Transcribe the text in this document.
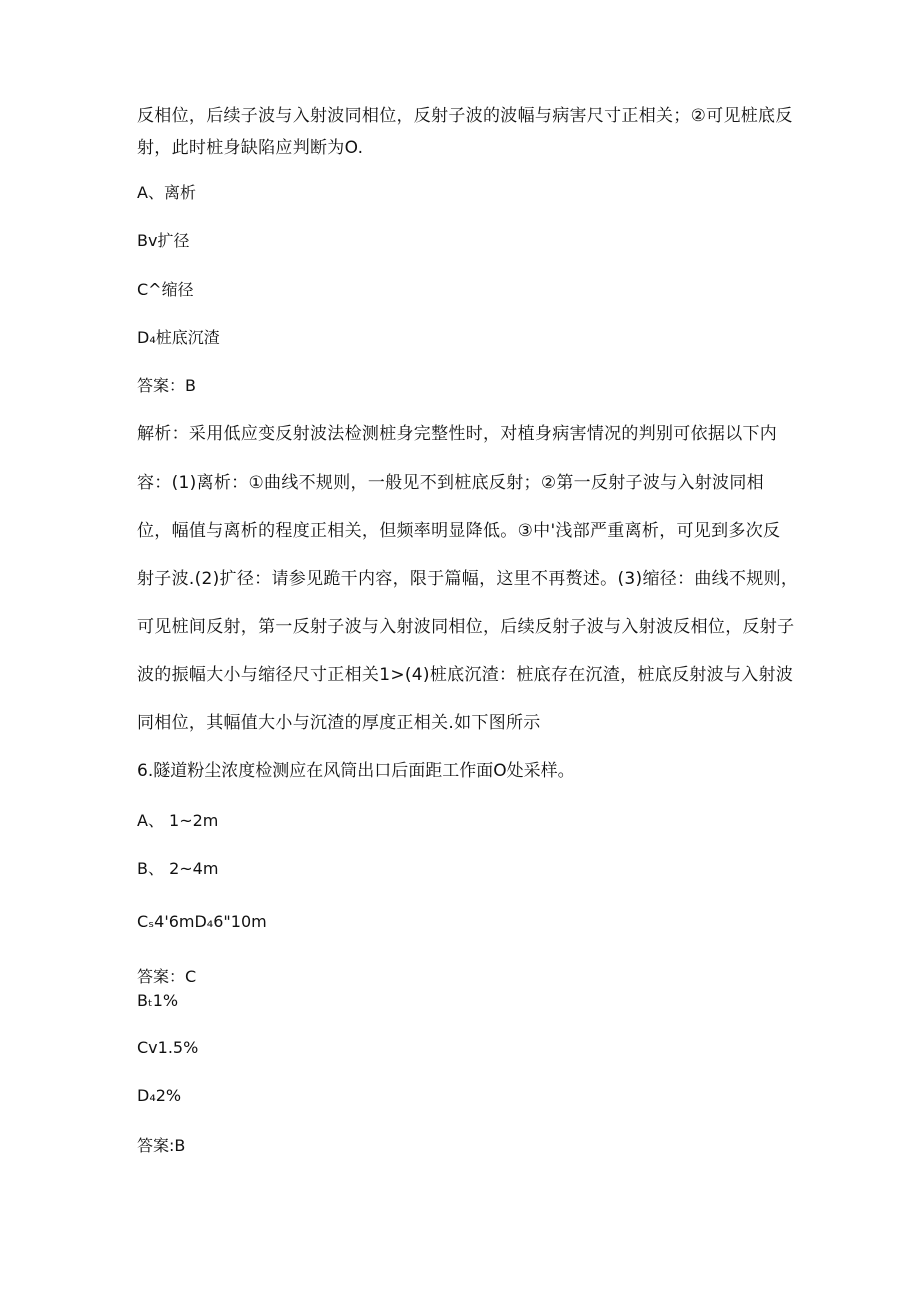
反相位，后续子波与入射波同相位，反射子波的波幅与病害尺寸正相关；②可见桩底反
射，此时桩身缺陷应判断为O.
A、离析
Bv扩径
C^缩径
D₄桩底沉渣
答案：B
解析：采用低应变反射波法检测桩身完整性时，对植身病害情况的判别可依据以下内
容：(1)离析：①曲线不规则，一般见不到桩底反射；②第一反射子波与入射波同相
位，幅值与离析的程度正相关，但频率明显降低。③中'浅部严重离析，可见到多次反
射子波.(2)扩径：请参见跪干内容，限于篇幅，这里不再赘述。(3)缩径：曲线不规则，
可见桩间反射，第一反射子波与入射波同相位，后续反射子波与入射波反相位，反射子
波的振幅大小与缩径尺寸正相关1>(4)桩底沉渣：桩底存在沉渣，桩底反射波与入射波
同相位，其幅值大小与沉渣的厚度正相关.如下图所示
6.隧道粉尘浓度检测应在风筒出口后面距工作面O处采样。
A、 1~2m
B、 2~4m
Cₛ4'6mD₄6"10m
答案：C
Bₜ1%
Cv1.5%
D₄2%
答案:B
